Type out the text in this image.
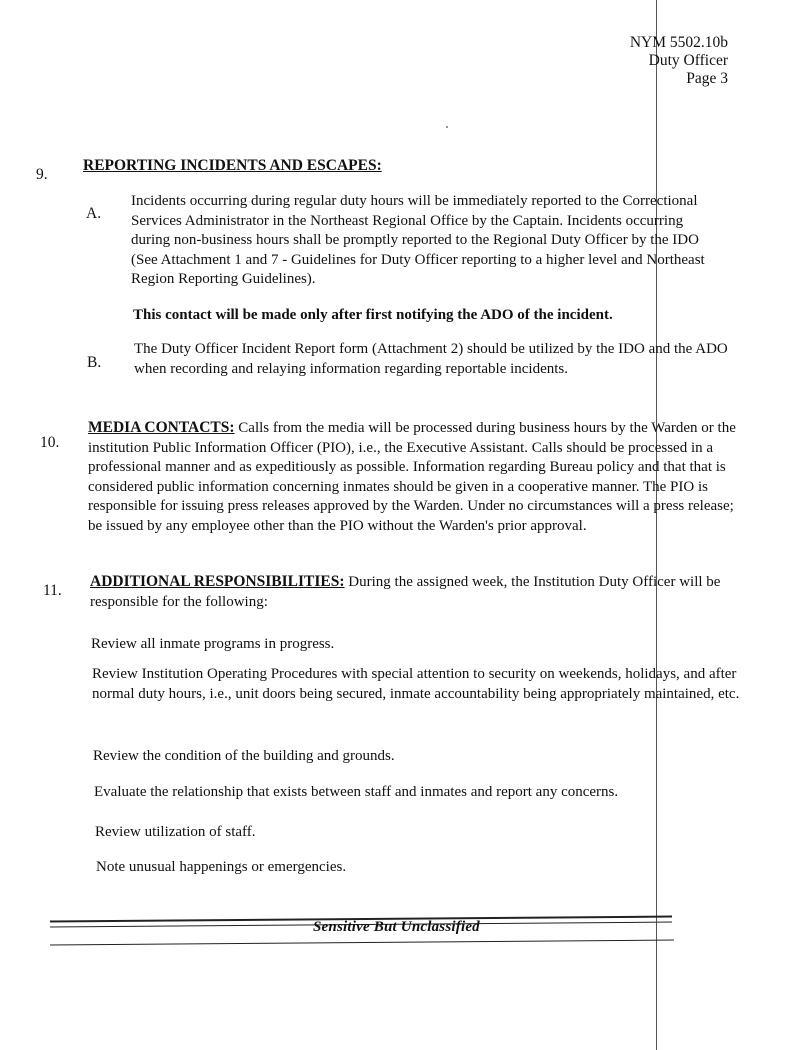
NYM 5502.10b
Duty Officer
Page 3
9.
REPORTING INCIDENTS AND ESCAPES:
A.
Incidents occurring during regular duty hours will be immediately reported to the Correctional Services Administrator in the Northeast Regional Office by the Captain. Incidents occurring during non-business hours shall be promptly reported to the Regional Duty Officer by the IDO (See Attachment 1 and 7 - Guidelines for Duty Officer reporting to a higher level and Northeast Region Reporting Guidelines).
This contact will be made only after first notifying the ADO of the incident.
B.
The Duty Officer Incident Report form (Attachment 2) should be utilized by the IDO and the ADO when recording and relaying information regarding reportable incidents.
10.
MEDIA CONTACTS: Calls from the media will be processed during business hours by the Warden or the institution Public Information Officer (PIO), i.e., the Executive Assistant. Calls should be processed in a professional manner and as expeditiously as possible. Information regarding Bureau policy and that that is considered public information concerning inmates should be given in a cooperative manner. The PIO is responsible for issuing press releases approved by the Warden. Under no circumstances will a press release; be issued by any employee other than the PIO without the Warden's prior approval.
11.
ADDITIONAL RESPONSIBILITIES: During the assigned week, the Institution Duty Officer will be responsible for the following:
Review all inmate programs in progress.
Review Institution Operating Procedures with special attention to security on weekends, holidays, and after normal duty hours, i.e., unit doors being secured, inmate accountability being appropriately maintained, etc.
Review the condition of the building and grounds.
Evaluate the relationship that exists between staff and inmates and report any concerns.
Review utilization of staff.
Note unusual happenings or emergencies.
Sensitive But Unclassified
